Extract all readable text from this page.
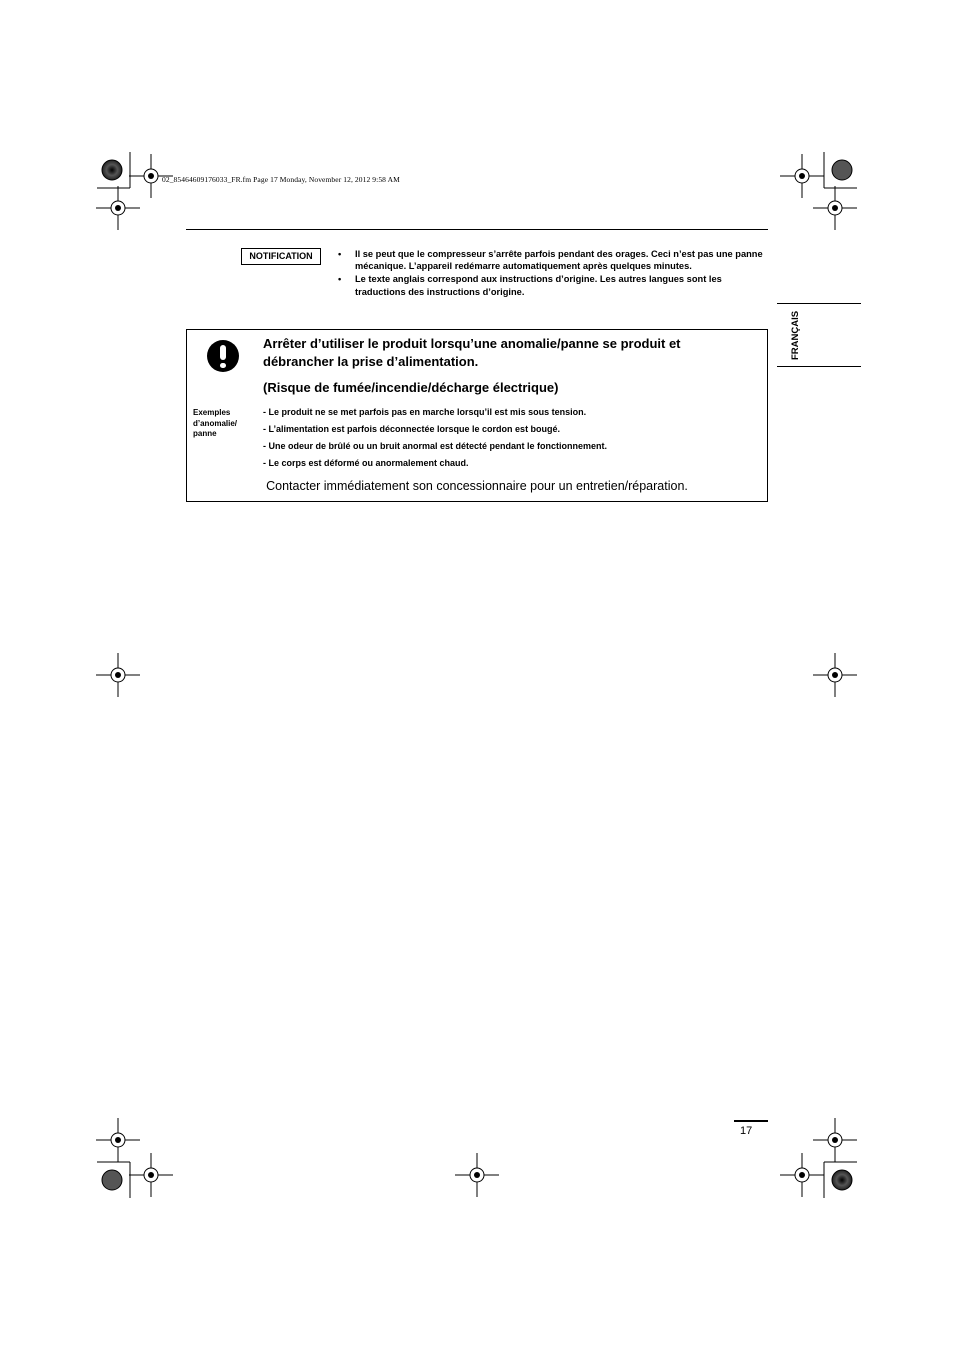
02_85464609176033_FR.fm Page 17 Monday, November 12, 2012 9:58 AM
NOTIFICATION	• Il se peut que le compresseur s’arrête parfois pendant des orages. Ceci n’est pas une panne mécanique. L’appareil redémarre automatiquement après quelques minutes.
• Le texte anglais correspond aux instructions d’origine. Les autres langues sont les traductions des instructions d’origine.
FRANÇAIS

Arrêter d’utiliser le produit lorsqu’une anomalie/panne se produit et débrancher la prise d’alimentation.

(Risque de fumée/incendie/décharge électrique)

Exemples d’anomalie/ panne
- Le produit ne se met parfois pas en marche lorsqu’il est mis sous tension.
- L’alimentation est parfois déconnectée lorsque le cordon est bougé.
- Une odeur de brûlé ou un bruit anormal est détecté pendant le fonctionnement.
- Le corps est déformé ou anormalement chaud.
Contacter immédiatement son concessionnaire pour un entretien/réparation.
17
